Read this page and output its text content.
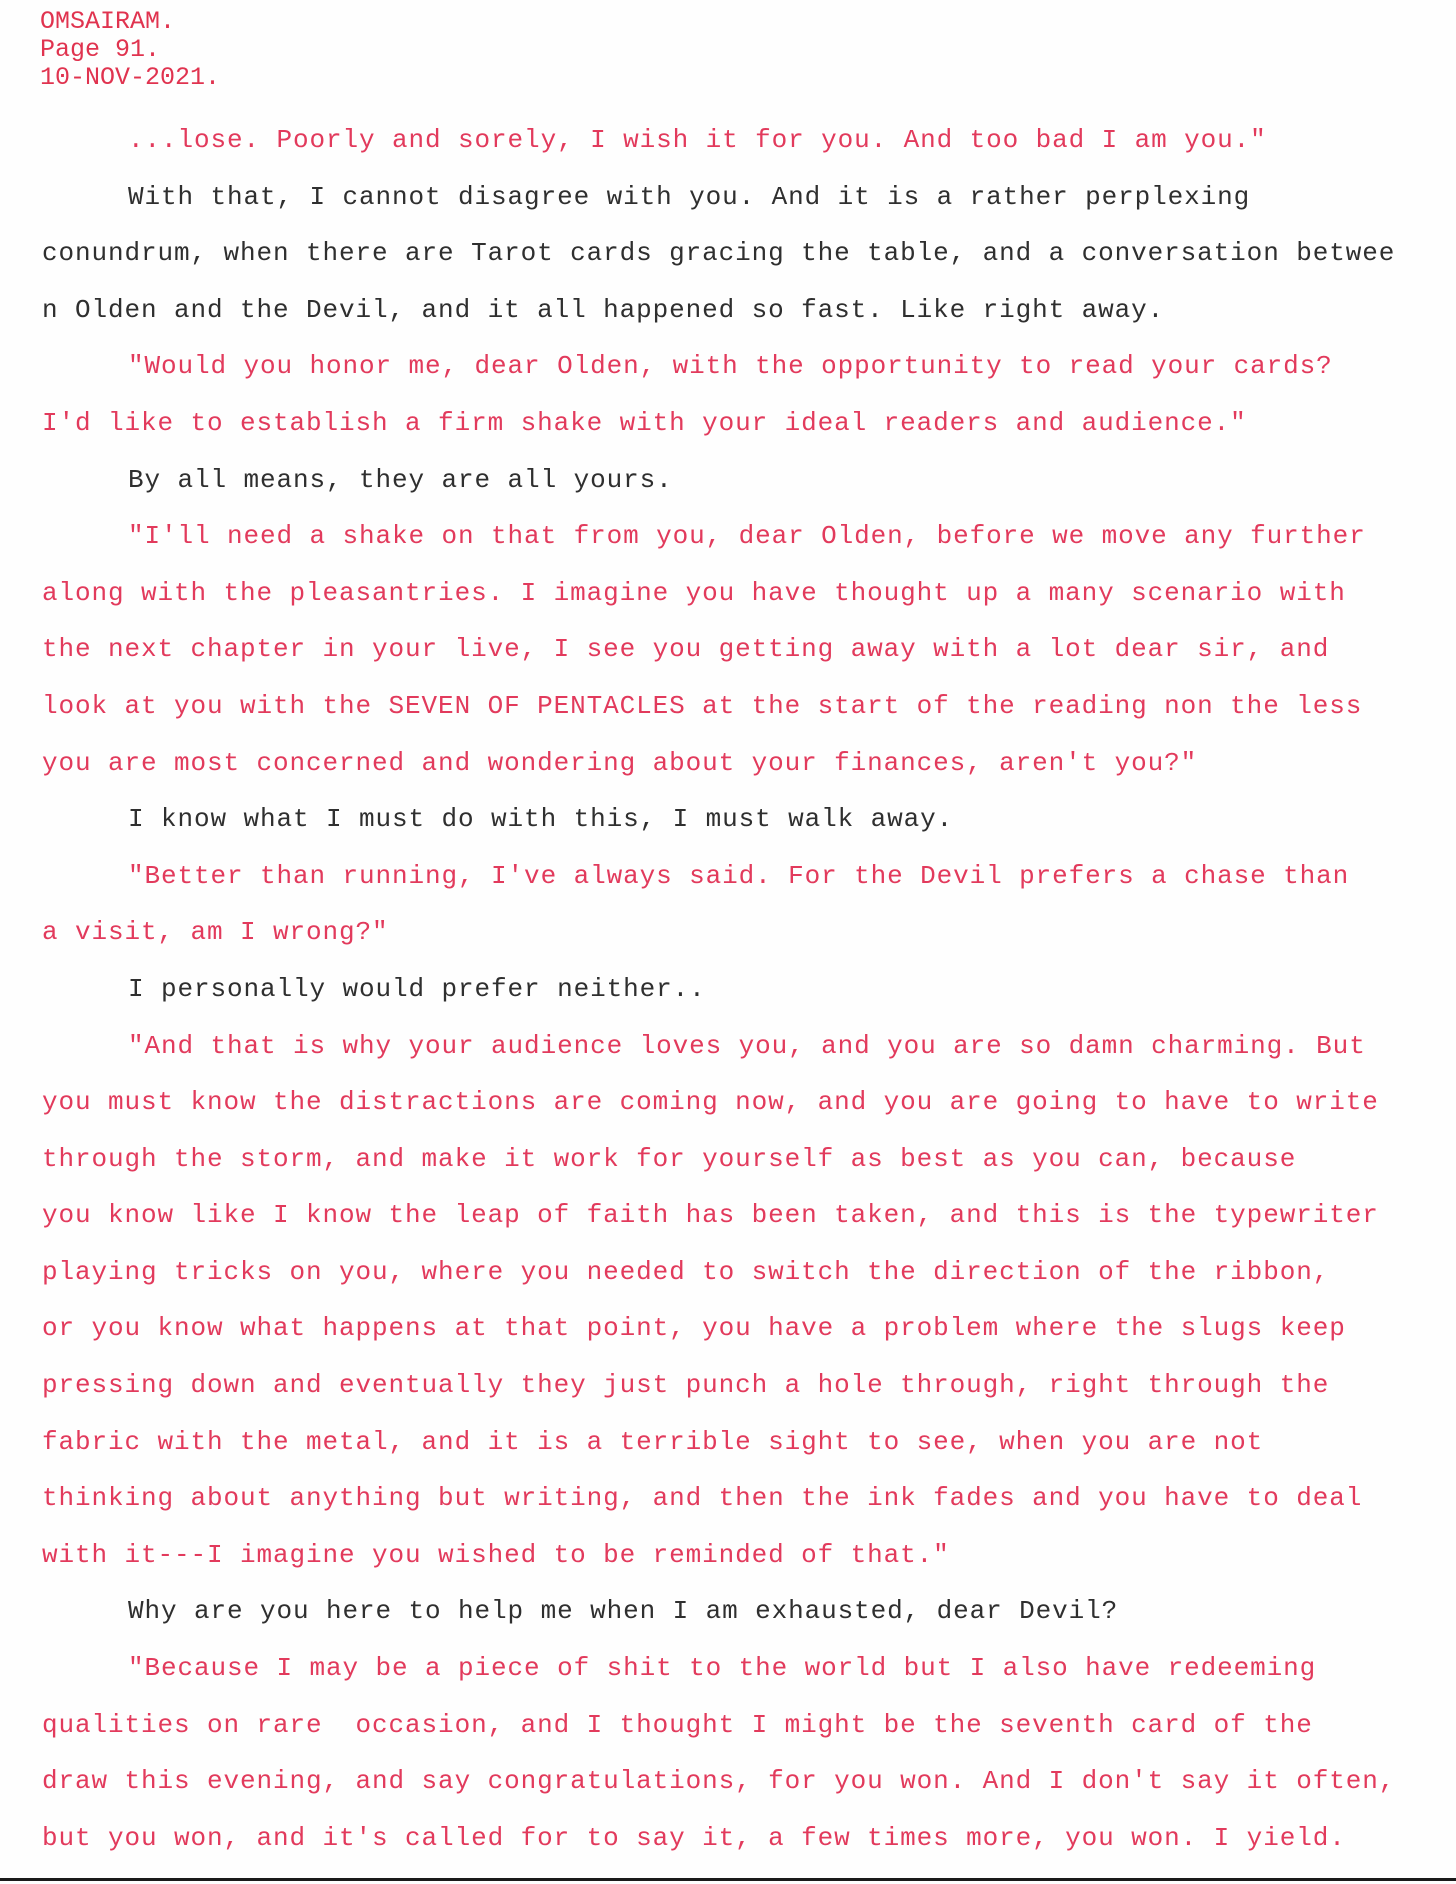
OMSAIRAM.
Page 91.
10-NOV-2021.
...lose. Poorly and sorely, I wish it for you. And too bad I am you."
With that, I cannot disagree with you. And it is a rather perplexing
conundrum, when there are Tarot cards gracing the table, and a conversation betwee
n Olden and the Devil, and it all happened so fast. Like right away.
"Would you honor me, dear Olden, with the opportunity to read your cards?
I'd like to establish a firm shake with your ideal readers and audience."
By all means, they are all yours.
"I'll need a shake on that from you, dear Olden, before we move any further
along with the pleasantries. I imagine you have thought up a many scenario with
the next chapter in your live, I see you getting away with a lot dear sir, and
look at you with the SEVEN OF PENTACLES at the start of the reading non the less
you are most concerned and wondering about your finances, aren't you?"
I know what I must do with this, I must walk away.
"Better than running, I've always said. For the Devil prefers a chase than
a visit, am I wrong?"
I personally would prefer neither..
"And that is why your audience loves you, and you are so damn charming. But
you must know the distractions are coming now, and you are going to have to write
through the storm, and make it work for yourself as best as you can, because
you know like I know the leap of faith has been taken, and this is the typewriter
playing tricks on you, where you needed to switch the direction of the ribbon,
or you know what happens at that point, you have a problem where the slugs keep
pressing down and eventually they just punch a hole through, right through the
fabric with the metal, and it is a terrible sight to see, when you are not
thinking about anything but writing, and then the ink fades and you have to deal
with it---I imagine you wished to be reminded of that."
Why are you here to help me when I am exhausted, dear Devil?
"Because I may be a piece of shit to the world but I also have redeeming
qualities on rare  occasion, and I thought I might be the seventh card of the
draw this evening, and say congratulations, for you won. And I don't say it often,
but you won, and it's called for to say it, a few times more, you won. I yield.
